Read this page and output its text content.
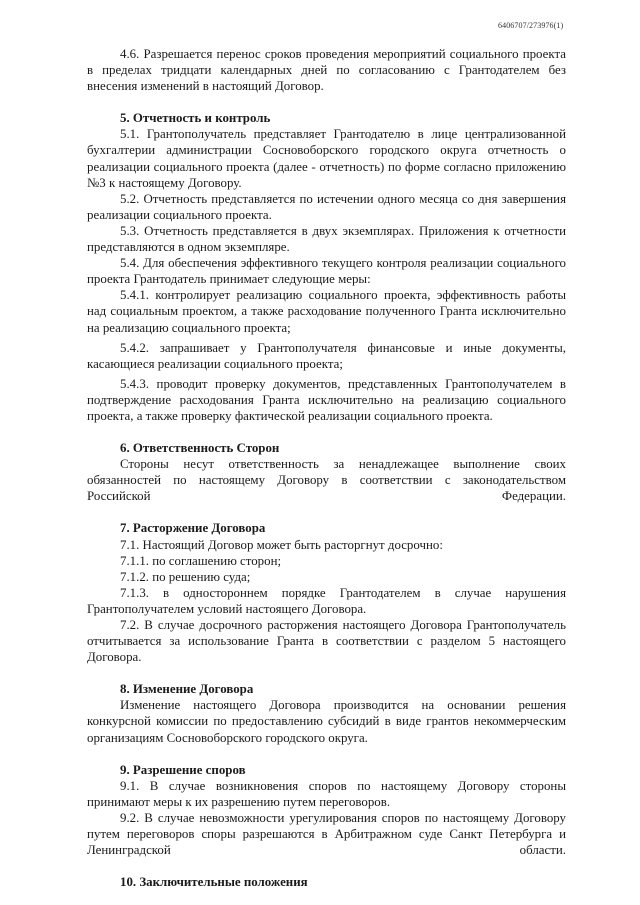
6406707/273976(1)

4.6. Разрешается перенос сроков проведения мероприятий социального проекта в пределах тридцати календарных дней по согласованию с Грантодателем без внесения изменений в настоящий Договор.

5. Отчетность и контроль

5.1. Грантополучатель представляет Грантодателю в лице централизованной бухгалтерии администрации Сосновоборского городского округа отчетность о реализации социального проекта (далее - отчетность) по форме согласно приложению №3 к настоящему Договору.

5.2. Отчетность представляется по истечении одного месяца со дня завершения реализации социального проекта.

5.3. Отчетность представляется в двух экземплярах. Приложения к отчетности представляются в одном экземпляре.

5.4. Для обеспечения эффективного текущего контроля реализации социального проекта Грантодатель принимает следующие меры:

5.4.1. контролирует реализацию социального проекта, эффективность работы над социальным проектом, а также расходование полученного Гранта исключительно на реализацию социального проекта;

5.4.2. запрашивает у Грантополучателя финансовые и иные документы, касающиеся реализации социального проекта;

5.4.3. проводит проверку документов, представленных Грантополучателем в подтверждение расходования Гранта исключительно на реализацию социального проекта, а также проверку фактической реализации социального проекта.

6. Ответственность Сторон

Стороны несут ответственность за ненадлежащее выполнение своих обязанностей по настоящему Договору в соответствии с законодательством Российской Федерации.

7. Расторжение Договора

7.1. Настоящий Договор может быть расторгнут досрочно:

7.1.1. по соглашению сторон;

7.1.2. по решению суда;

7.1.3. в одностороннем порядке Грантодателем в случае нарушения Грантополучателем условий настоящего Договора.

7.2. В случае досрочного расторжения настоящего Договора Грантополучатель отчитывается за использование Гранта в соответствии с разделом 5 настоящего Договора.

8. Изменение Договора

Изменение настоящего Договора производится на основании решения конкурсной комиссии по предоставлению субсидий в виде грантов некоммерческим организациям Сосновоборского городского округа.

9. Разрешение споров

9.1. В случае возникновения споров по настоящему Договору стороны принимают меры к их разрешению путем переговоров.

9.2. В случае невозможности урегулирования споров по настоящему Договору путем переговоров споры разрешаются в Арбитражном суде Санкт Петербурга и Ленинградской области.

10. Заключительные положения
